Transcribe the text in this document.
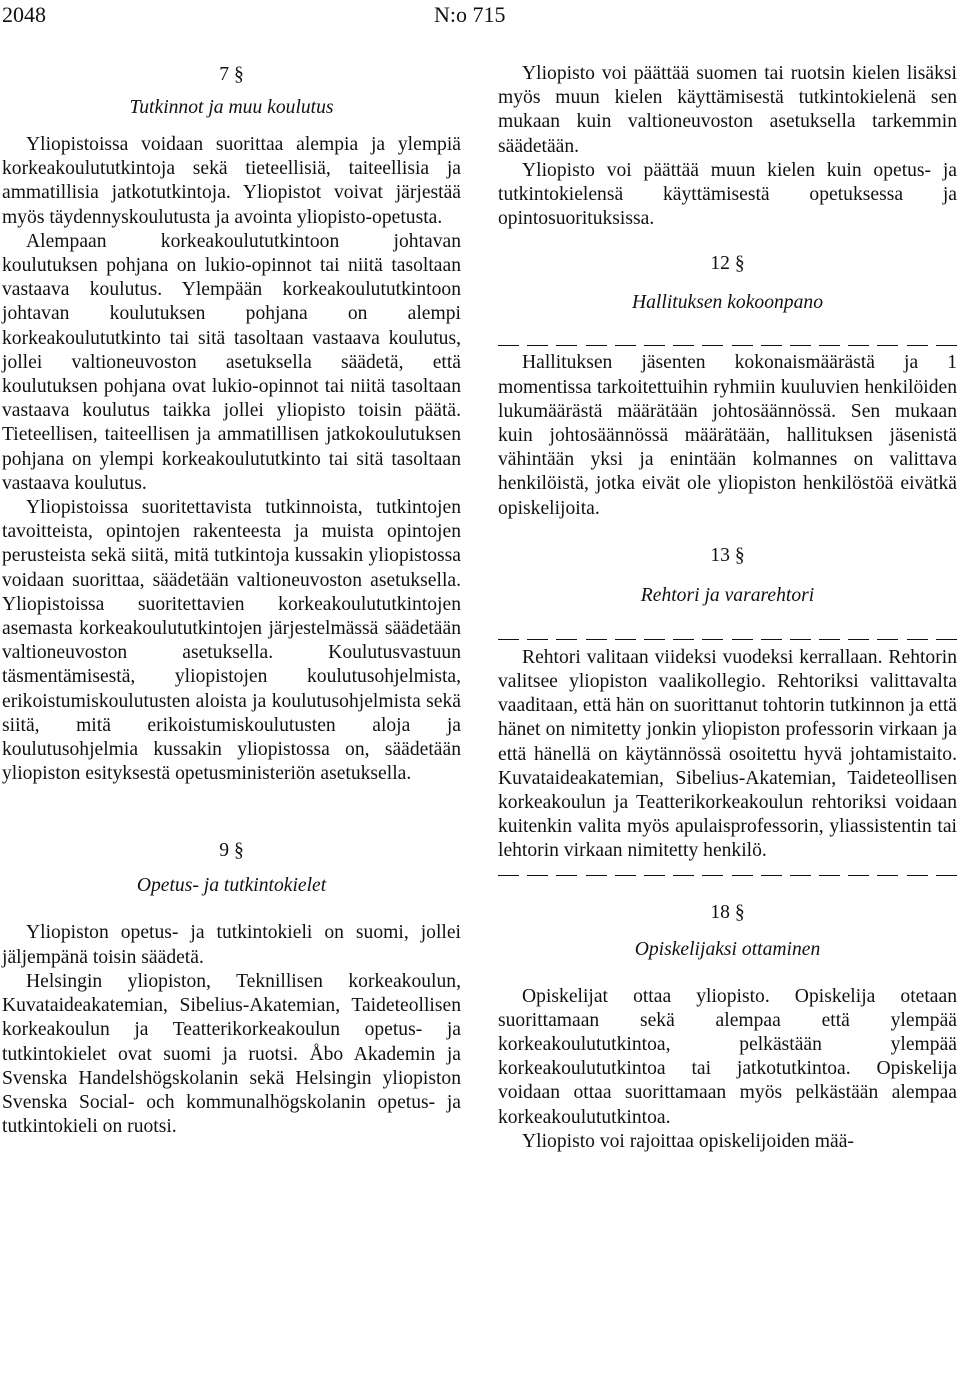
2048	N:o 715

7 §

Tutkinnot ja muu koulutus

Yliopistoissa voidaan suorittaa alempia ja ylempiä korkeakoulututkintoja sekä tieteellisiä, taiteellisia ja ammatillisia jatkotutkintoja. Yliopistot voivat järjestää myös täydennyskoulutusta ja avointa yliopisto-opetusta.

Alempaan korkeakoulututkintoon johtavan koulutuksen pohjana on lukio-opinnot tai niitä tasoltaan vastaava koulutus. Ylempään korkeakoulututkintoon johtavan koulutuksen pohjana on alempi korkeakoulututkinto tai sitä tasoltaan vastaava koulutus, jollei valtioneuvoston asetuksella säädetä, että koulutuksen pohjana ovat lukio-opinnot tai niitä tasoltaan vastaava koulutus taikka jollei yliopisto toisin päätä. Tieteellisen, taiteellisen ja ammatillisen jatkokoulutuksen pohjana on ylempi korkeakoulututkinto tai sitä tasoltaan vastaava koulutus.

Yliopistoissa suoritettavista tutkinnoista, tutkintojen tavoitteista, opintojen rakenteesta ja muista opintojen perusteista sekä siitä, mitä tutkintoja kussakin yliopistossa voidaan suorittaa, säädetään valtioneuvoston asetuksella. Yliopistoissa suoritettavien korkeakoulututkintojen asemasta korkeakoulututkintojen järjestelmässä säädetään valtioneuvoston asetuksella. Koulutusvastuun täsmentämisestä, yliopistojen koulutusohjelmista, erikoistumiskoulutusten aloista ja koulutusohjelmista sekä siitä, mitä erikoistumiskoulutusten aloja ja koulutusohjelmia kussakin yliopistossa on, säädetään yliopiston esityksestä opetusministeriön asetuksella.

9 §

Opetus- ja tutkintokielet

Yliopiston opetus- ja tutkintokieli on suomi, jollei jäljempänä toisin säädetä.

Helsingin yliopiston, Teknillisen korkeakoulun, Kuvataideakatemian, Sibelius-Akatemian, Taideteollisen korkeakoulun ja Teatterikorkeakoulun opetus- ja tutkintokielet ovat suomi ja ruotsi. Åbo Akademin ja Svenska Handelshögskolanin sekä Helsingin yliopiston Svenska Social- och kommunalhögskolanin opetus- ja tutkintokieli on ruotsi.

Yliopisto voi päättää suomen tai ruotsin kielen lisäksi myös muun kielen käyttämisestä tutkintokielenä sen mukaan kuin valtioneuvoston asetuksella tarkemmin säädetään.

Yliopisto voi päättää muun kielen kuin opetus- ja tutkintokielensä käyttämisestä opetuksessa ja opintosuorituksissa.

12 §

Hallituksen kokoonpano

Hallituksen jäsenten kokonaismäärästä ja 1 momentissa tarkoitettuihin ryhmiin kuuluvien henkilöiden lukumäärästä määrätään johtosäännössä. Sen mukaan kuin johtosäännössä määrätään, hallituksen jäsenistä vähintään yksi ja enintään kolmannes on valittava henkilöistä, jotka eivät ole yliopiston henkilöstöä eivätkä opiskelijoita.

13 §

Rehtori ja vararehtori

Rehtori valitaan viideksi vuodeksi kerrallaan. Rehtorin valitsee yliopiston vaalikollegio. Rehtoriksi valittavalta vaaditaan, että hän on suorittanut tohtorin tutkinnon ja että hänet on nimitetty jonkin yliopiston professorin virkaan ja että hänellä on käytännössä osoitettu hyvä johtamistaito. Kuvataideakatemian, Sibelius-Akatemian, Taideteollisen korkeakoulun ja Teatterikorkeakoulun rehtoriksi voidaan kuitenkin valita myös apulaisprofessorin, yliassistentin tai lehtorin virkaan nimitetty henkilö.

18 §

Opiskelijaksi ottaminen

Opiskelijat ottaa yliopisto. Opiskelija otetaan suorittamaan sekä alempaa että ylempää korkeakoulututkintoa, pelkästään ylempää korkeakoulututkintoa tai jatkotutkintoa. Opiskelija voidaan ottaa suorittamaan myös pelkästään alempaa korkeakoulututkintoa.

Yliopisto voi rajoittaa opiskelijoiden mää-
